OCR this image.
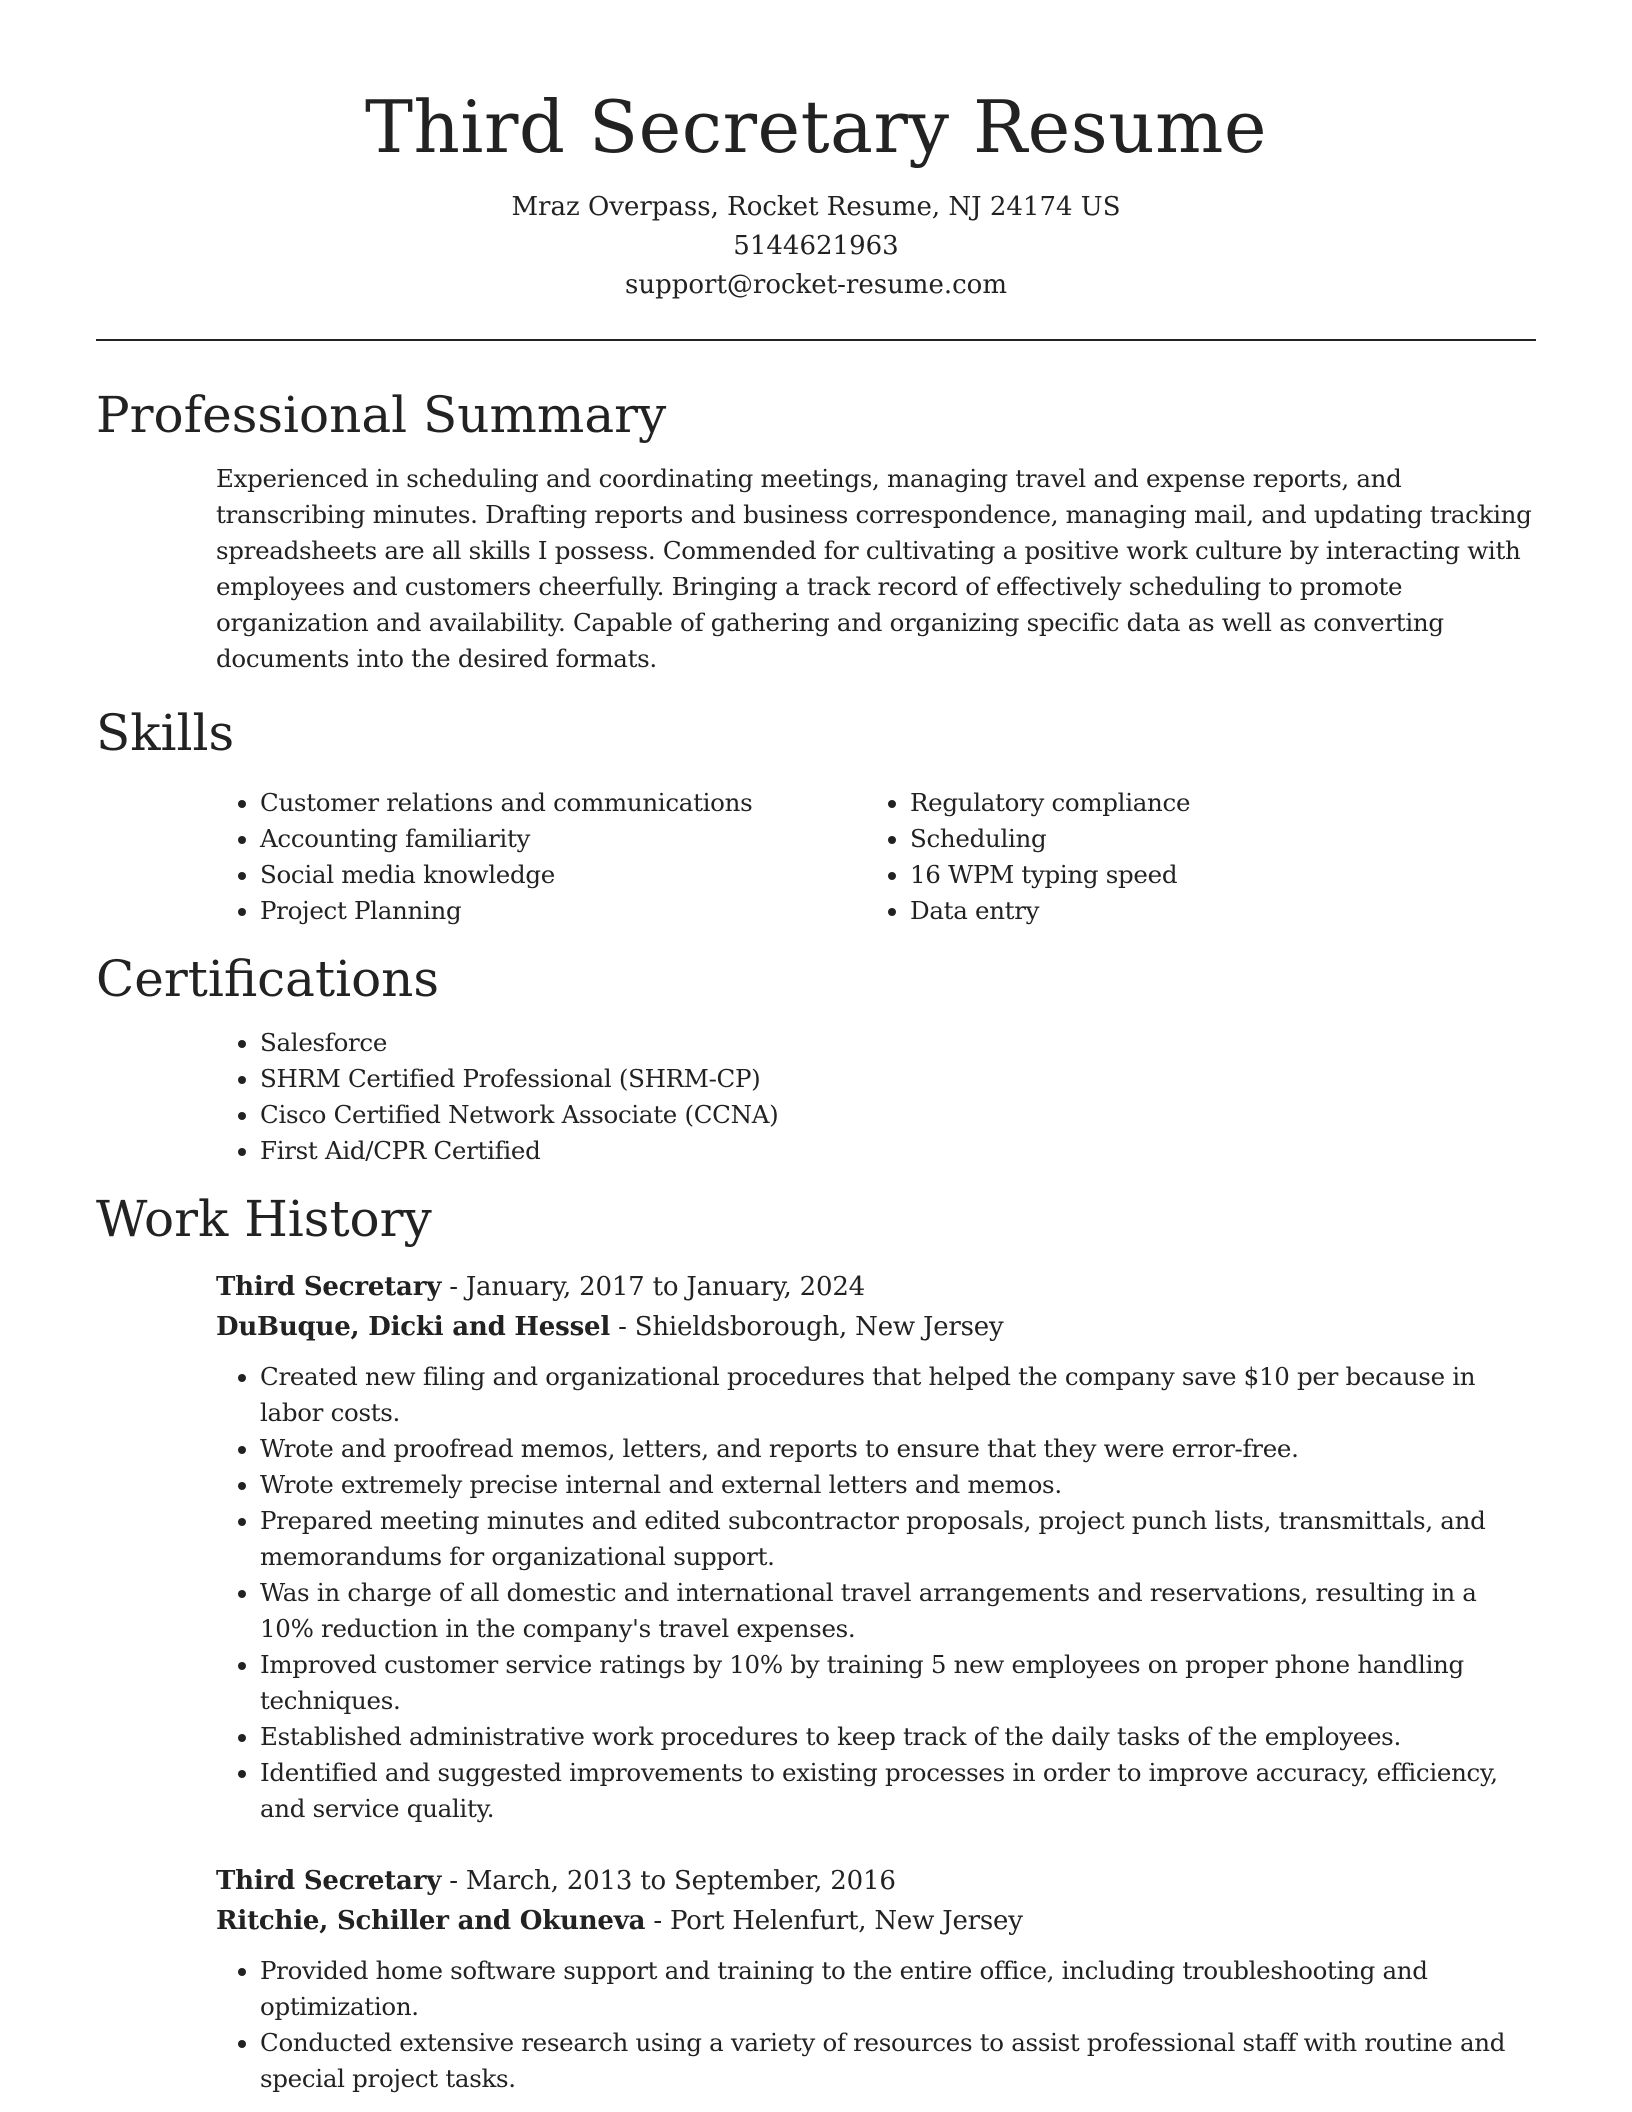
Third Secretary Resume
Mraz Overpass, Rocket Resume, NJ 24174 US
5144621963
support@rocket-resume.com
Professional Summary

Experienced in scheduling and coordinating meetings, managing travel and expense reports, and transcribing minutes. Drafting reports and business correspondence, managing mail, and updating tracking spreadsheets are all skills I possess. Commended for cultivating a positive work culture by interacting with employees and customers cheerfully. Bringing a track record of effectively scheduling to promote organization and availability. Capable of gathering and organizing specific data as well as converting documents into the desired formats.

Skills
• Customer relations and communications
• Accounting familiarity
• Social media knowledge
• Project Planning
• Regulatory compliance
• Scheduling
• 16 WPM typing speed
• Data entry
Certifications
• Salesforce
• SHRM Certified Professional (SHRM-CP)
• Cisco Certified Network Associate (CCNA)
• First Aid/CPR Certified
Work History
Third Secretary - January, 2017 to January, 2024
DuBuque, Dicki and Hessel - Shieldsborough, New Jersey
• Created new filing and organizational procedures that helped the company save $10 per because in labor costs.
• Wrote and proofread memos, letters, and reports to ensure that they were error-free.
• Wrote extremely precise internal and external letters and memos.
• Prepared meeting minutes and edited subcontractor proposals, project punch lists, transmittals, and memorandums for organizational support.
• Was in charge of all domestic and international travel arrangements and reservations, resulting in a 10% reduction in the company's travel expenses.
• Improved customer service ratings by 10% by training 5 new employees on proper phone handling techniques.
• Established administrative work procedures to keep track of the daily tasks of the employees.
• Identified and suggested improvements to existing processes in order to improve accuracy, efficiency, and service quality.
Third Secretary - March, 2013 to September, 2016
Ritchie, Schiller and Okuneva - Port Helenfurt, New Jersey
• Provided home software support and training to the entire office, including troubleshooting and optimization.
• Conducted extensive research using a variety of resources to assist professional staff with routine and special project tasks.
